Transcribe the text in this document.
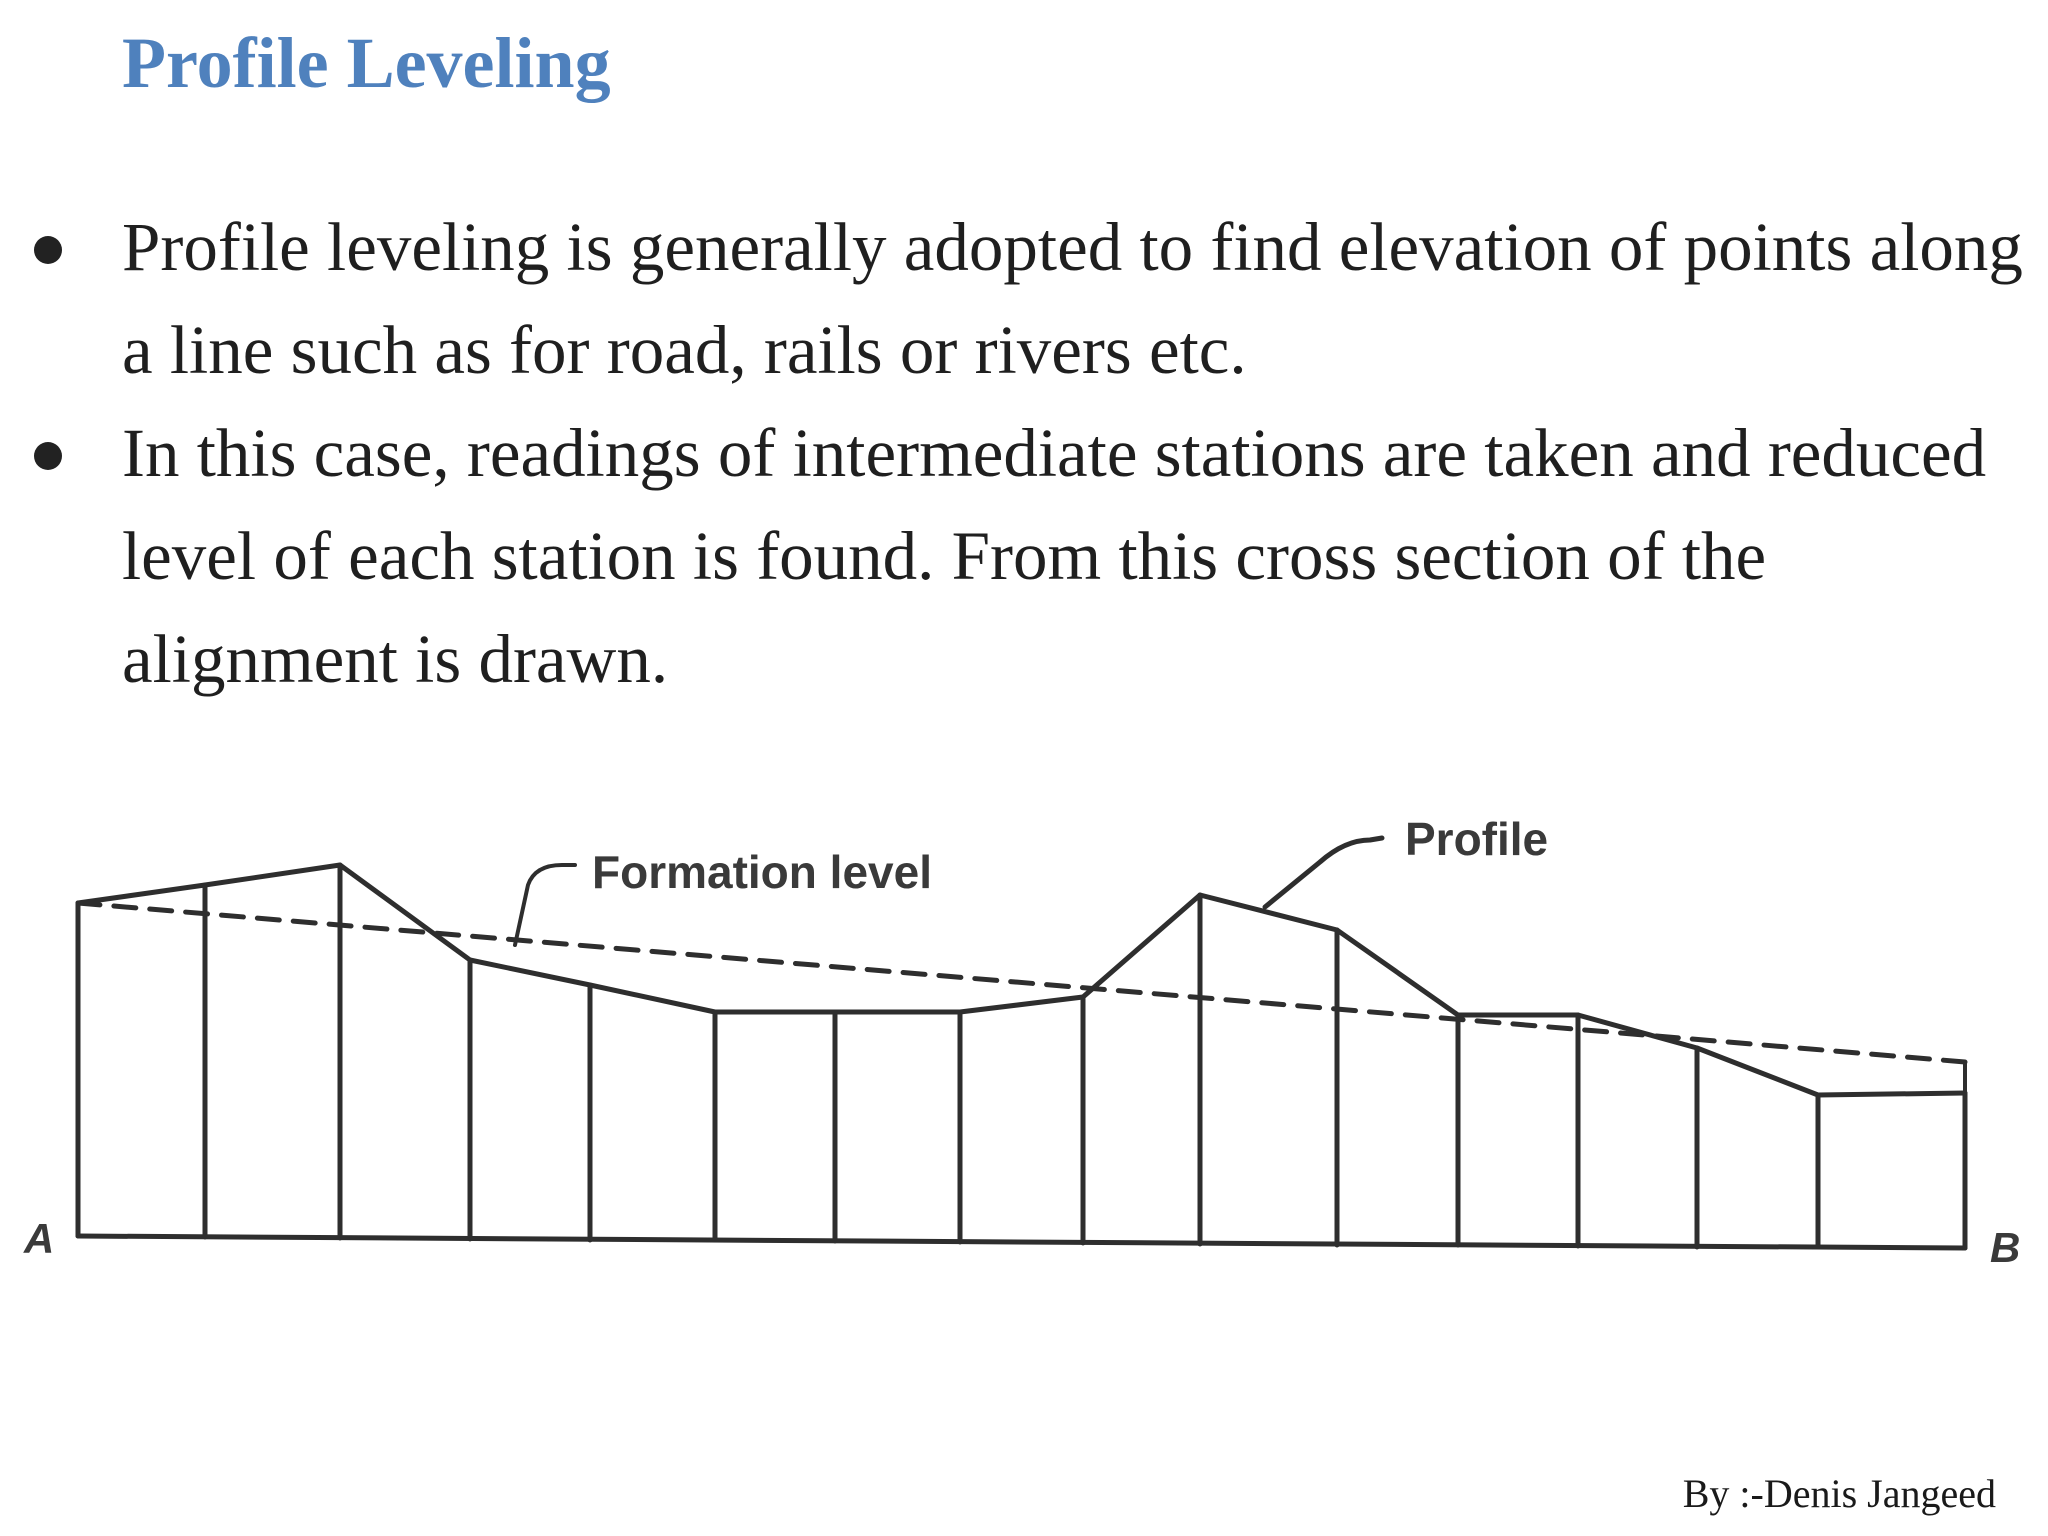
Profile Leveling
Profile leveling is generally adopted to find elevation of points along a line such as for road, rails or rivers etc.
In this case, readings of intermediate stations are taken and reduced level of each station is found. From this cross section of the alignment is drawn.
Formation level
Profile
A	B
By :-Denis Jangeed
